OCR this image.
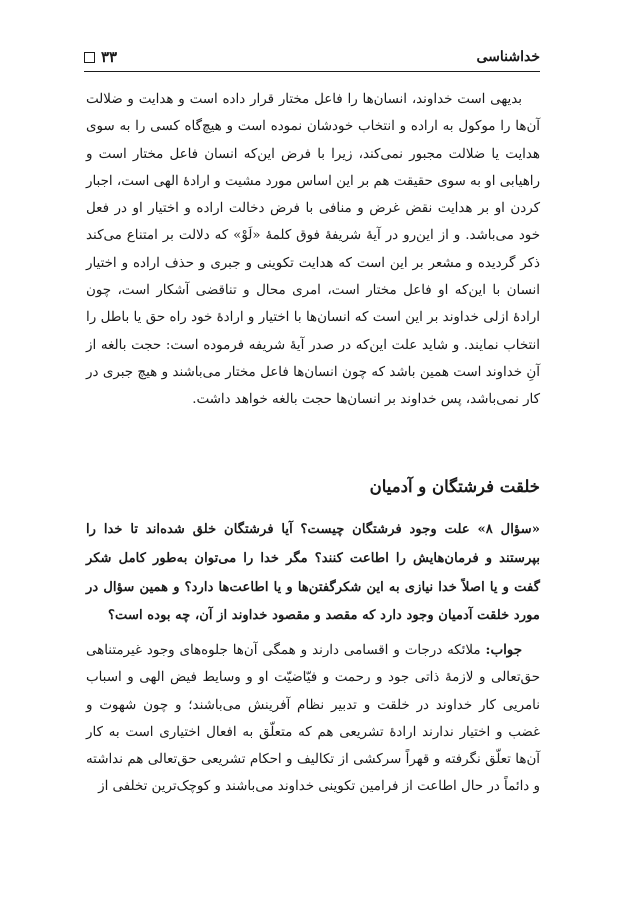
خداشناسی
۳۳

بدیهی است خداوند، انسان‌ها را فاعل مختار قرار داده است و هدایت و ضلالت آن‌ها را موکول به اراده و انتخاب خودشان نموده است و هیچ‌گاه کسی را به سوی هدایت یا ضلالت مجبور نمی‌کند، زیرا با فرض این‌که انسان فاعل مختار است و راهیابی او به سوی حقیقت هم بر این اساس مورد مشیت و ارادۀ الهی است، اجبار کردن او بر هدایت نقض غرض و منافی با فرض دخالت اراده و اختیار او در فعل خود می‌باشد. و از این‌رو در آیۀ شریفۀ فوق کلمۀ «لَوْ» که دلالت بر امتناع می‌کند ذکر گردیده و مشعر بر این است که هدایت تکوینی و جبری و حذف اراده و اختیار انسان با این‌که او فاعل مختار است، امری محال و تناقضی آشکار است، چون ارادۀ ازلی خداوند بر این است که انسان‌ها با اختیار و ارادۀ خود راه حق یا باطل را انتخاب نمایند. و شاید علت این‌که در صدر آیۀ شریفه فرموده است: حجت بالغه از آنِ خداوند است همین باشد که چون انسان‌ها فاعل مختار می‌باشند و هیچ جبری در کار نمی‌باشد، پس خداوند بر انسان‌ها حجت بالغه خواهد داشت.

خلقت فرشتگان و آدمیان

«سؤال ۸» علت وجود فرشتگان چیست؟ آیا فرشتگان خلق شده‌اند تا خدا را بپرستند و فرمان‌هایش را اطاعت کنند؟ مگر خدا را می‌توان به‌طور کامل شکر گفت و یا اصلاً خدا نیازی به این شکرگفتن‌ها و یا اطاعت‌ها دارد؟ و همین سؤال در مورد خلقت آدمیان وجود دارد که مقصد و مقصود خداوند از آن، چه بوده است؟

جواب: ملائکه درجات و اقسامی دارند و همگی آن‌ها جلوه‌های وجود غیرمتناهی حق‌تعالی و لازمۀ ذاتی جود و رحمت و فیّاضیّت او و وسایط فیض الهی و اسباب نامریی کار خداوند در خلقت و تدبیر نظام آفرینش می‌باشند؛ و چون شهوت و غضب و اختیار ندارند ارادۀ تشریعی هم که متعلّق به افعال اختیاری است به کار آن‌ها تعلّق نگرفته و قهراً سرکشی از تکالیف و احکام تشریعی حق‌تعالی هم نداشته و دائماً در حال اطاعت از فرامین تکوینی خداوند می‌باشند و کوچک‌ترین تخلفی از
